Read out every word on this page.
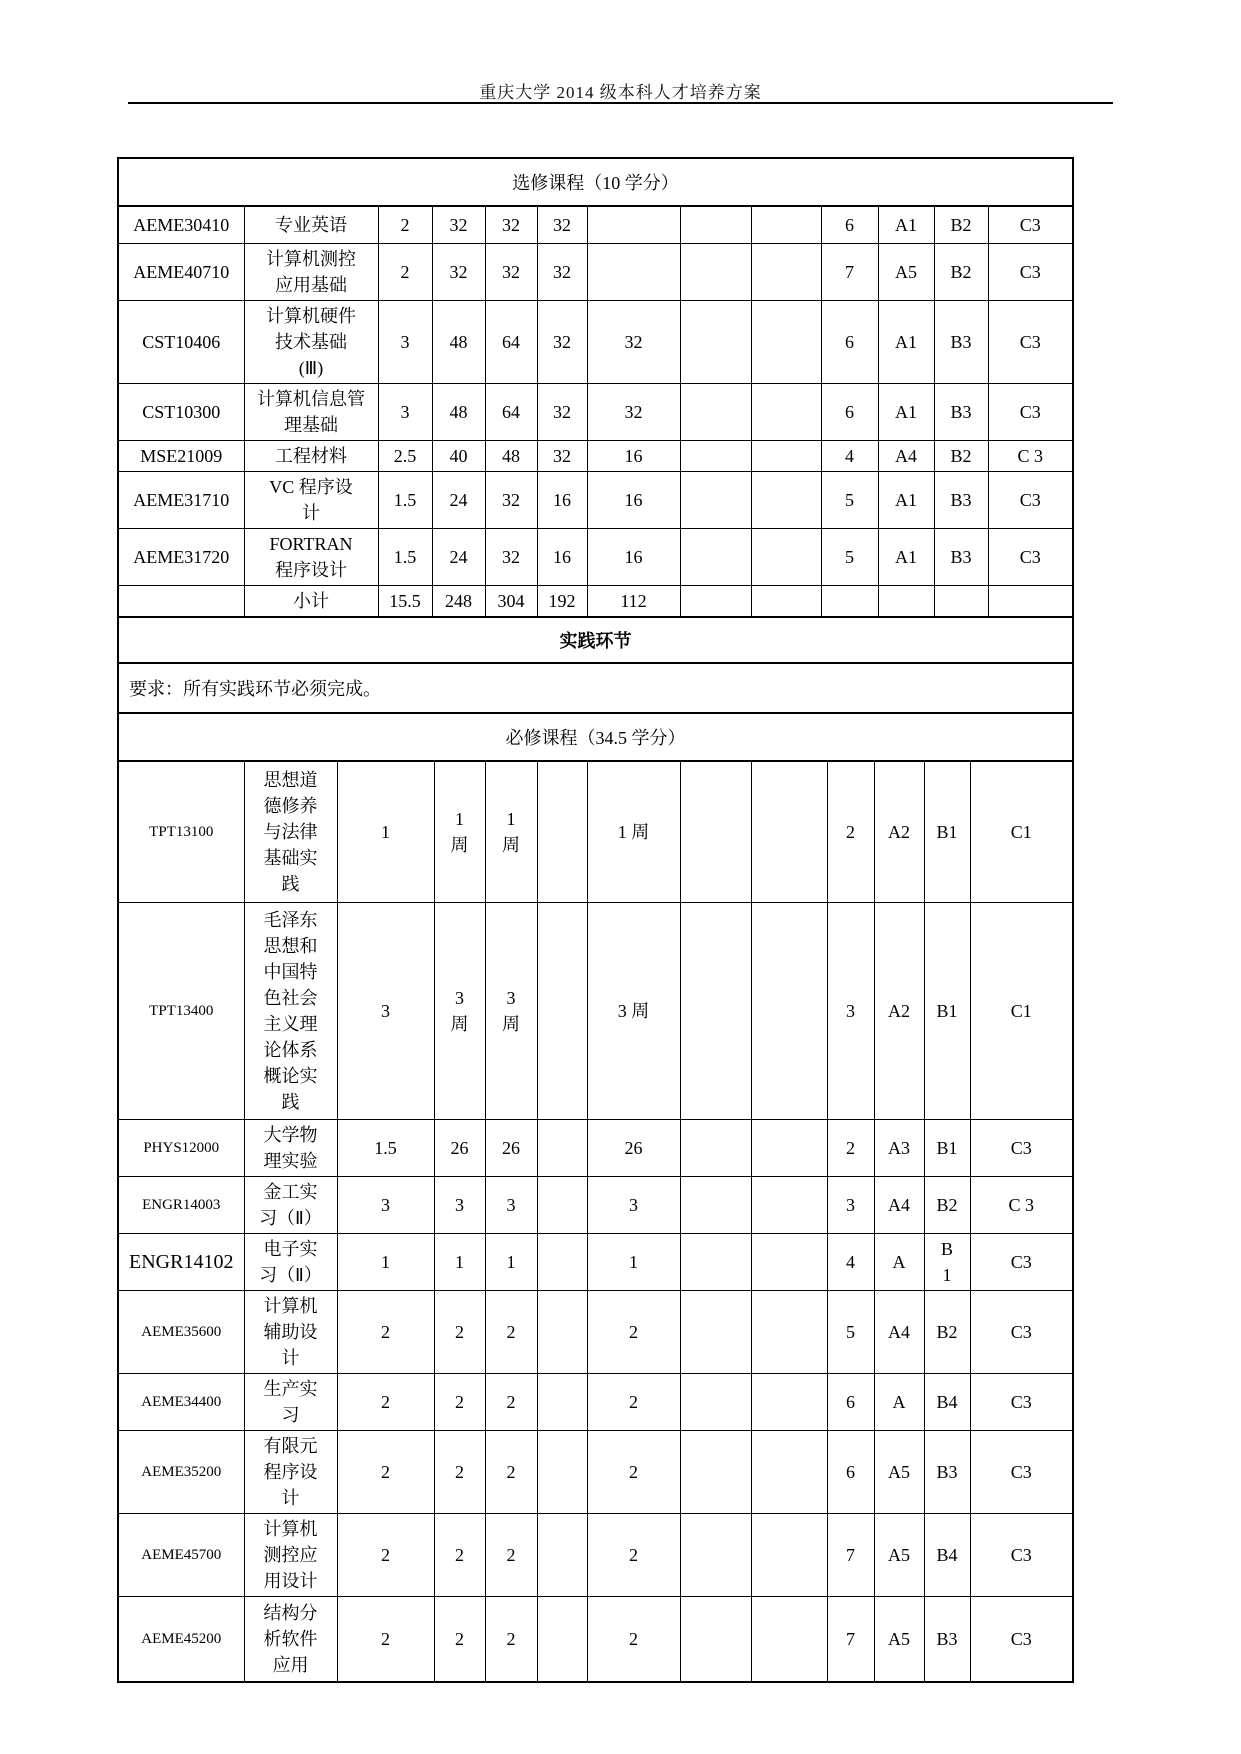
重庆大学 2014 级本科人才培养方案
选修课程（10 学分）
AEME30410	专业英语	2	32	32	32				6	A1	B2	C3
AEME40710	计算机测控
应用基础	2	32	32	32				7	A5	B2	C3
CST10406	计算机硬件
技术基础
(Ⅲ)	3	48	64	32	32			6	A1	B3	C3
CST10300	计算机信息管
理基础	3	48	64	32	32			6	A1	B3	C3
MSE21009	工程材料	2.5	40	48	32	16			4	A4	B2	C 3
AEME31710	VC 程序设
计	1.5	24	32	16	16			5	A1	B3	C3
AEME31720	FORTRAN
程序设计	1.5	24	32	16	16			5	A1	B3	C3
	小计	15.5	248	304	192	112						
实践环节
要求：所有实践环节必须完成。
必修课程（34.5 学分）
TPT13100	思想道
德修养
与法律
基础实
践	1	1
周	1
周		1 周			2	A2	B1	C1
TPT13400	毛泽东
思想和
中国特
色社会
主义理
论体系
概论实
践	3	3
周	3
周		3 周			3	A2	B1	C1
PHYS12000	大学物
理实验	1.5	26	26		26			2	A3	B1	C3
ENGR14003	金工实
习（Ⅱ）	3	3	3		3			3	A4	B2	C 3
ENGR14102	电子实
习（Ⅱ）	1	1	1		1			4	A	B
1	C3
AEME35600	计算机
辅助设
计	2	2	2		2			5	A4	B2	C3
AEME34400	生产实
习	2	2	2		2			6	A	B4	C3
AEME35200	有限元
程序设
计	2	2	2		2			6	A5	B3	C3
AEME45700	计算机
测控应
用设计	2	2	2		2			7	A5	B4	C3
AEME45200	结构分
析软件
应用	2	2	2		2			7	A5	B3	C3
